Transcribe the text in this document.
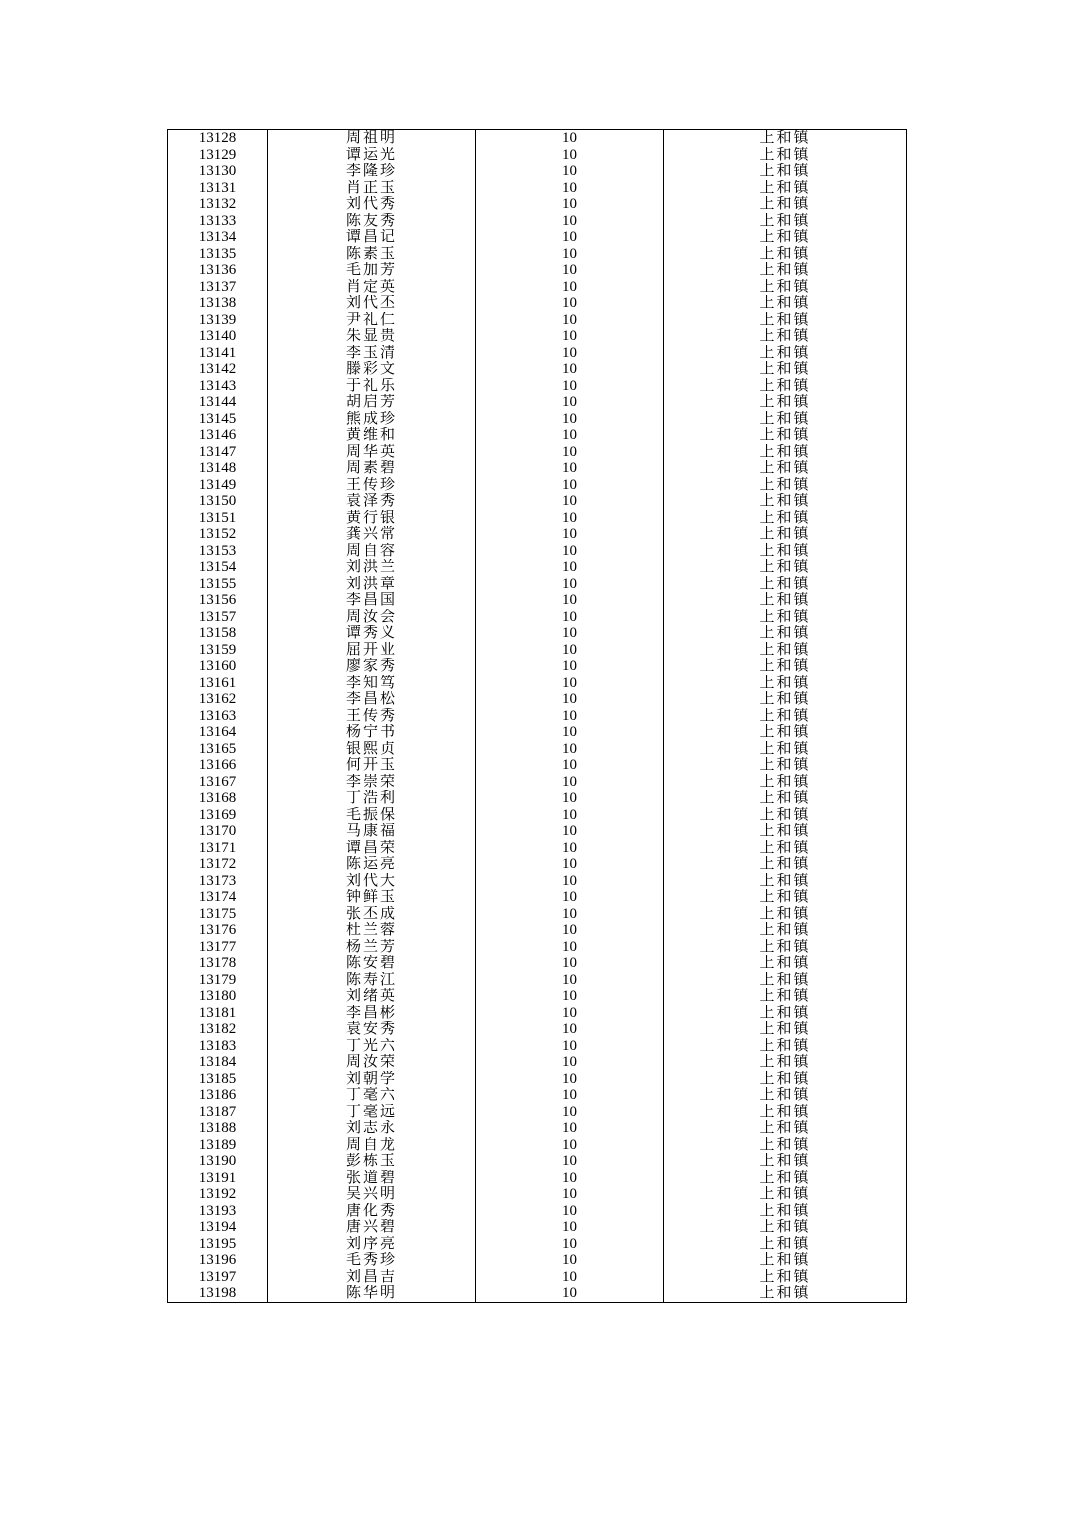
13128	周祖明	10	上和镇
13129	谭运光	10	上和镇
13130	李隆珍	10	上和镇
13131	肖正玉	10	上和镇
13132	刘代秀	10	上和镇
13133	陈友秀	10	上和镇
13134	谭昌记	10	上和镇
13135	陈素玉	10	上和镇
13136	毛加芳	10	上和镇
13137	肖定英	10	上和镇
13138	刘代丕	10	上和镇
13139	尹礼仁	10	上和镇
13140	朱显贵	10	上和镇
13141	李玉清	10	上和镇
13142	滕彩文	10	上和镇
13143	于礼乐	10	上和镇
13144	胡启芳	10	上和镇
13145	熊成珍	10	上和镇
13146	黄维和	10	上和镇
13147	周华英	10	上和镇
13148	周素碧	10	上和镇
13149	王传珍	10	上和镇
13150	袁泽秀	10	上和镇
13151	黄行银	10	上和镇
13152	龚兴常	10	上和镇
13153	周自容	10	上和镇
13154	刘洪兰	10	上和镇
13155	刘洪章	10	上和镇
13156	李昌国	10	上和镇
13157	周汝会	10	上和镇
13158	谭秀义	10	上和镇
13159	屈开业	10	上和镇
13160	廖家秀	10	上和镇
13161	李知笃	10	上和镇
13162	李昌松	10	上和镇
13163	王传秀	10	上和镇
13164	杨宁书	10	上和镇
13165	银熙贞	10	上和镇
13166	何开玉	10	上和镇
13167	李崇荣	10	上和镇
13168	丁浩利	10	上和镇
13169	毛振保	10	上和镇
13170	马康福	10	上和镇
13171	谭昌荣	10	上和镇
13172	陈运亮	10	上和镇
13173	刘代大	10	上和镇
13174	钟鲜玉	10	上和镇
13175	张丕成	10	上和镇
13176	杜兰蓉	10	上和镇
13177	杨兰芳	10	上和镇
13178	陈安碧	10	上和镇
13179	陈寿江	10	上和镇
13180	刘绪英	10	上和镇
13181	李昌彬	10	上和镇
13182	袁安秀	10	上和镇
13183	丁光六	10	上和镇
13184	周汝荣	10	上和镇
13185	刘朝学	10	上和镇
13186	丁毫六	10	上和镇
13187	丁毫远	10	上和镇
13188	刘志永	10	上和镇
13189	周自龙	10	上和镇
13190	彭栋玉	10	上和镇
13191	张道碧	10	上和镇
13192	吴兴明	10	上和镇
13193	唐化秀	10	上和镇
13194	唐兴碧	10	上和镇
13195	刘序亮	10	上和镇
13196	毛秀珍	10	上和镇
13197	刘昌吉	10	上和镇
13198	陈华明	10	上和镇
